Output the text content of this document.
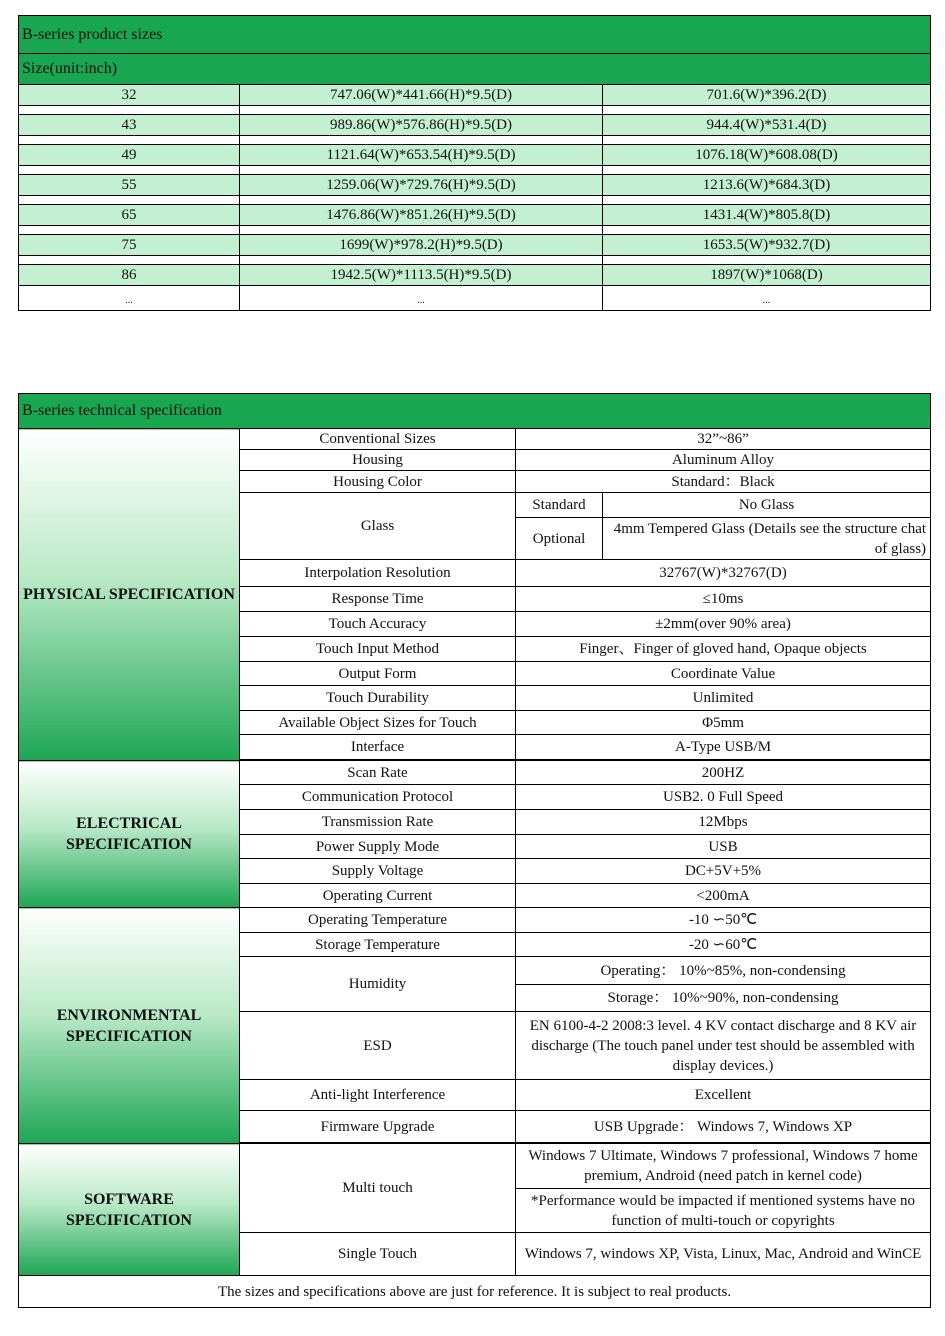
B-series product sizes		
Size(unit:inch)		
32	747.06(W)*441.66(H)*9.5(D)	701.6(W)*396.2(D)

43	989.86(W)*576.86(H)*9.5(D)	944.4(W)*531.4(D)

49	1121.64(W)*653.54(H)*9.5(D)	1076.18(W)*608.08(D)

55	1259.06(W)*729.76(H)*9.5(D)	1213.6(W)*684.3(D)

65	1476.86(W)*851.26(H)*9.5(D)	1431.4(W)*805.8(D)

75	1699(W)*978.2(H)*9.5(D)	1653.5(W)*932.7(D)

86	1942.5(W)*1113.5(H)*9.5(D)	1897(W)*1068(D)
...	...	...
B-series technical specification			
PHYSICAL SPECIFICATION	Conventional Sizes	32”~86”	
	Housing	Aluminum Alloy	
	Housing Color	Standard：Black	
	Glass	Standard	No Glass
		Optional	4mm Tempered Glass (Details see the structure chat of glass)
	Interpolation Resolution	32767(W)*32767(D)	
	Response Time	≤10ms	
	Touch Accuracy	±2mm(over 90% area)	
	Touch Input Method	Finger、Finger of gloved hand, Opaque objects	
	Output Form	Coordinate Value	
	Touch Durability	Unlimited	
	Available Object Sizes for Touch	Φ5mm	
	Interface	A-Type USB/M	

ELECTRICAL SPECIFICATION	Scan Rate	200HZ	
	Communication Protocol	USB2. 0 Full Speed	
	Transmission Rate	12Mbps	
	Power Supply Mode	USB	
	Supply Voltage	DC+5V+5%	
	Operating Current	<200mA	
ENVIRONMENTAL SPECIFICATION	Operating Temperature	-10 ∽50℃	
	Storage Temperature	-20 ∽60℃	
	Humidity	Operating： 10%~85%, non-condensing	
		Storage： 10%~90%, non-condensing	
	ESD	EN 6100-4-2 2008:3 level. 4 KV contact discharge and 8 KV air discharge (The touch panel under test should be assembled with display devices.)	
	Anti-light Interference	Excellent	
	Firmware Upgrade	USB Upgrade： Windows 7, Windows XP	

SOFTWARE SPECIFICATION	Multi touch	Windows 7 Ultimate, Windows 7 professional, Windows 7 home premium, Android (need patch in kernel code)	
		*Performance would be impacted if mentioned systems have no function of multi-touch or copyrights	
	Single Touch	Windows 7, windows XP, Vista, Linux, Mac, Android and WinCE	
The sizes and specifications above are just for reference. It is subject to real products.			
